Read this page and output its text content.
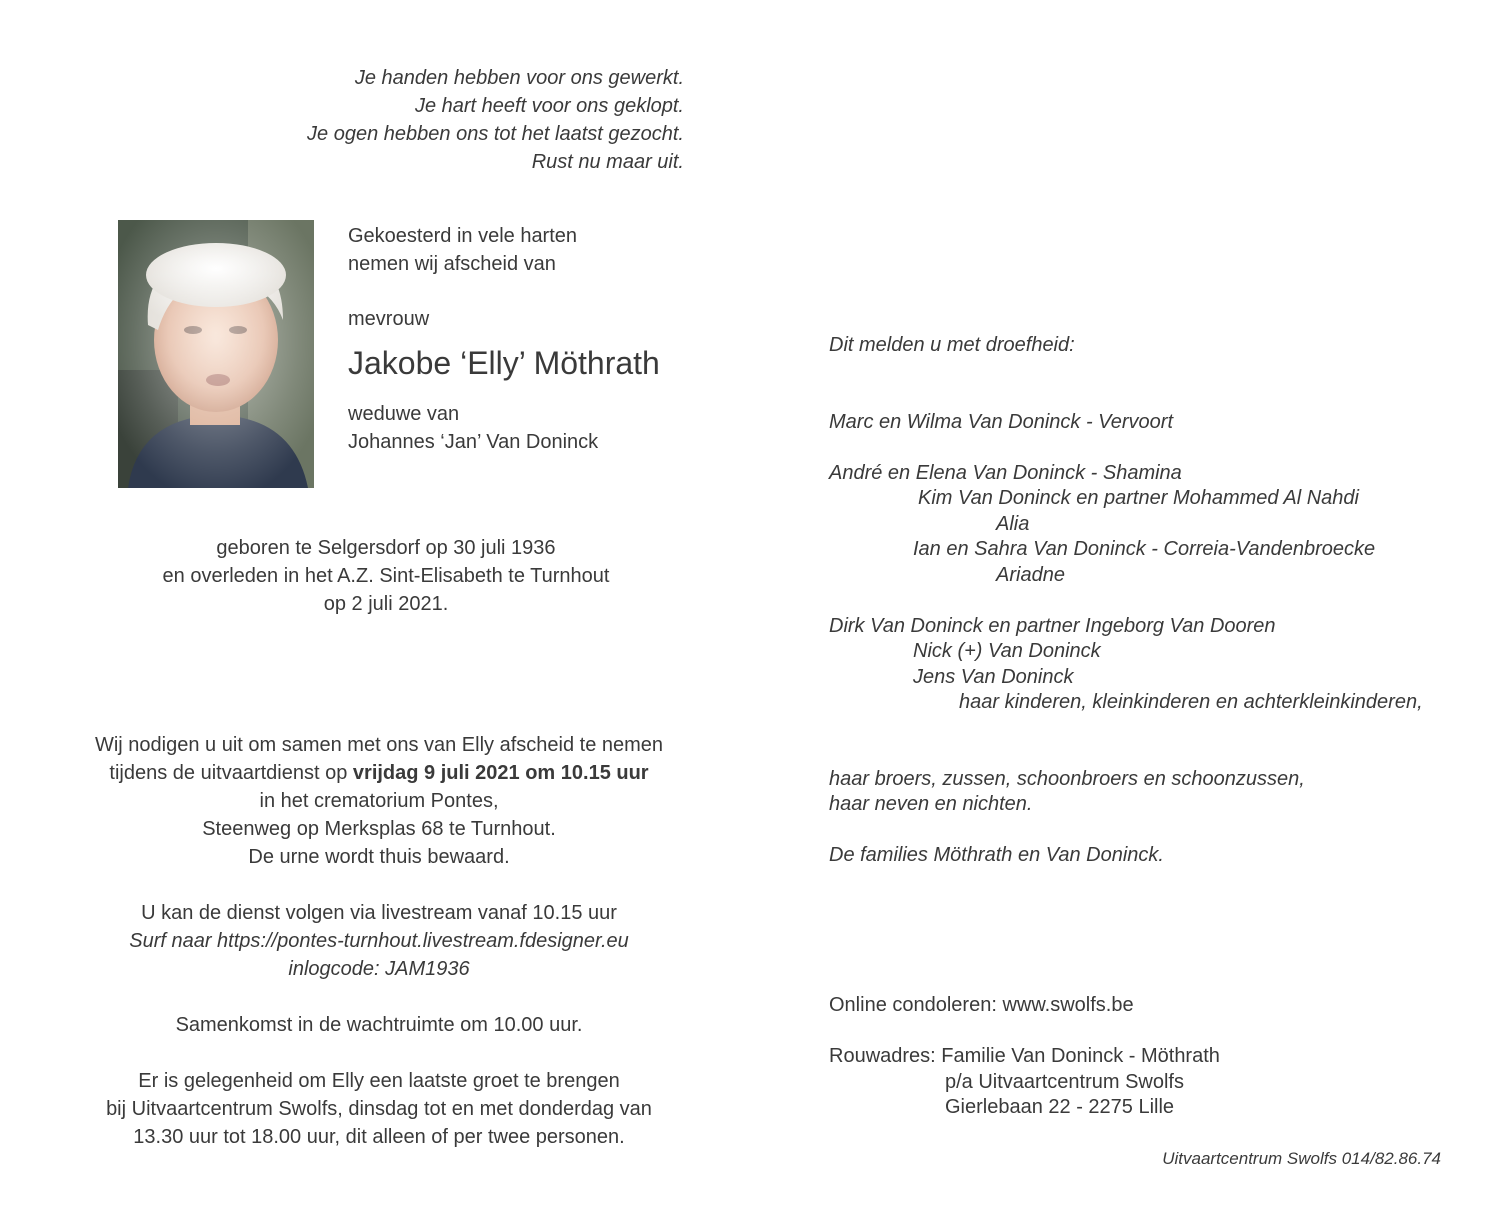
Je handen hebben voor ons gewerkt.
Je hart heeft voor ons geklopt.
Je ogen hebben ons tot het laatst gezocht.
Rust nu maar uit.
Gekoesterd in vele harten
nemen wij afscheid van
mevrouw
Jakobe ‘Elly’ Möthrath
weduwe van
Johannes ‘Jan’ Van Doninck
geboren te Selgersdorf op 30 juli 1936
en overleden in het A.Z. Sint-Elisabeth te Turnhout
op 2 juli 2021.
Wij nodigen u uit om samen met ons van Elly afscheid te nemen
tijdens de uitvaartdienst op vrijdag 9 juli 2021 om 10.15 uur
in het crematorium Pontes,
Steenweg op Merksplas 68 te Turnhout.
De urne wordt thuis bewaard.
U kan de dienst volgen via livestream vanaf 10.15 uur
Surf naar https://pontes-turnhout.livestream.fdesigner.eu
inlogcode: JAM1936
Samenkomst in de wachtruimte om 10.00 uur.
Er is gelegenheid om Elly een laatste groet te brengen
bij Uitvaartcentrum Swolfs, dinsdag tot en met donderdag van
13.30 uur tot 18.00 uur, dit alleen of per twee personen.
Dit melden u met droefheid:
Marc en Wilma Van Doninck - Vervoort
André en Elena Van Doninck - Shamina
Kim Van Doninck en partner Mohammed Al Nahdi
Alia
Ian en Sahra Van Doninck - Correia-Vandenbroecke
Ariadne
Dirk Van Doninck en partner Ingeborg Van Dooren
Nick (+) Van Doninck
Jens Van Doninck
haar kinderen, kleinkinderen en achterkleinkinderen,
haar broers, zussen, schoonbroers en schoonzussen,
haar neven en nichten.
De families Möthrath en Van Doninck.
Online condoleren: www.swolfs.be
Rouwadres: Familie Van Doninck - Möthrath
p/a Uitvaartcentrum Swolfs
Gierlebaan 22 - 2275 Lille
Uitvaartcentrum Swolfs 014/82.86.74
